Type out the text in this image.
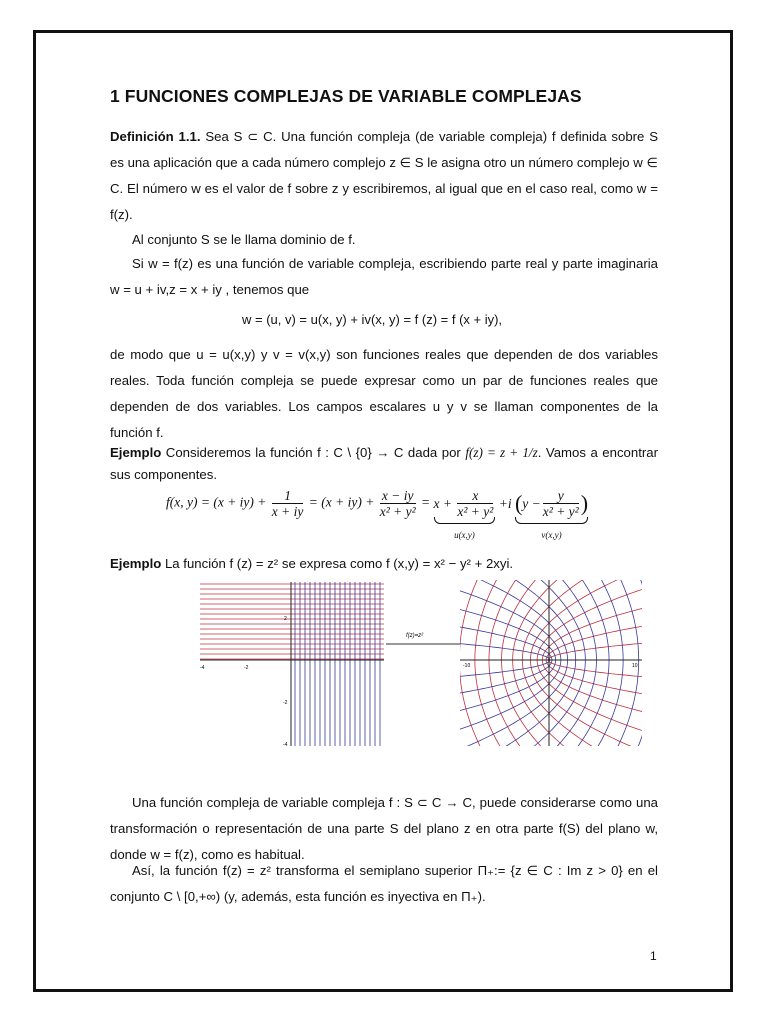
1 FUNCIONES COMPLEJAS DE VARIABLE COMPLEJAS

Definición 1.1. Sea S ⊂ C. Una función compleja (de variable compleja) f definida sobre S es una aplicación que a cada número complejo z ∈ S le asigna otro un número complejo w ∈ C. El número w es el valor de f sobre z y escribiremos, al igual que en el caso real, como w = f(z).

Al conjunto S se le llama dominio de f.

Si w = f(z) es una función de variable compleja, escribiendo parte real y parte imaginaria w = u + iv,z = x + iy , tenemos que

w = (u, v) = u(x, y) + iv(x, y) = f (z) = f (x + iy),

de modo que u = u(x,y) y v = v(x,y) son funciones reales que dependen de dos variables reales. Toda función compleja se puede expresar como un par de funciones reales que dependen de dos variables. Los campos escalares u y v se llaman componentes de la función f.

Ejemplo Consideremos la función f : C \ {0} → C dada por f(z) = z + 1/z. Vamos a encontrar sus componentes.

f(x, $y) = (x + iy) + \frac{1}{x + iy} = (x + iy) + \frac{x - iy}{\text{x² + y²}} = x + \frac{x}{\text{x² + y²}}$
u(x,y)
+i ($y - \frac{y}{\text{x² + y²}}$ )
v(x,y)

Ejemplo La función f (z) = z² se expresa como f (x,y) = x² − y² + 2xyi.

f(z)=z²
-4	-2
2
-2
-4
-10	10

Una función compleja de variable compleja f : S ⊂ C → C, puede considerarse como una transformación o representación de una parte S del plano z en otra parte f(S) del plano w, donde w = f(z), como es habitual.

Así, la función f(z) = z² transforma el semiplano superior Π₊:= {z ∈ C : Im z > 0} en el conjunto C \ [0,+∞) (y, además, esta función es inyectiva en Π₊).

1
